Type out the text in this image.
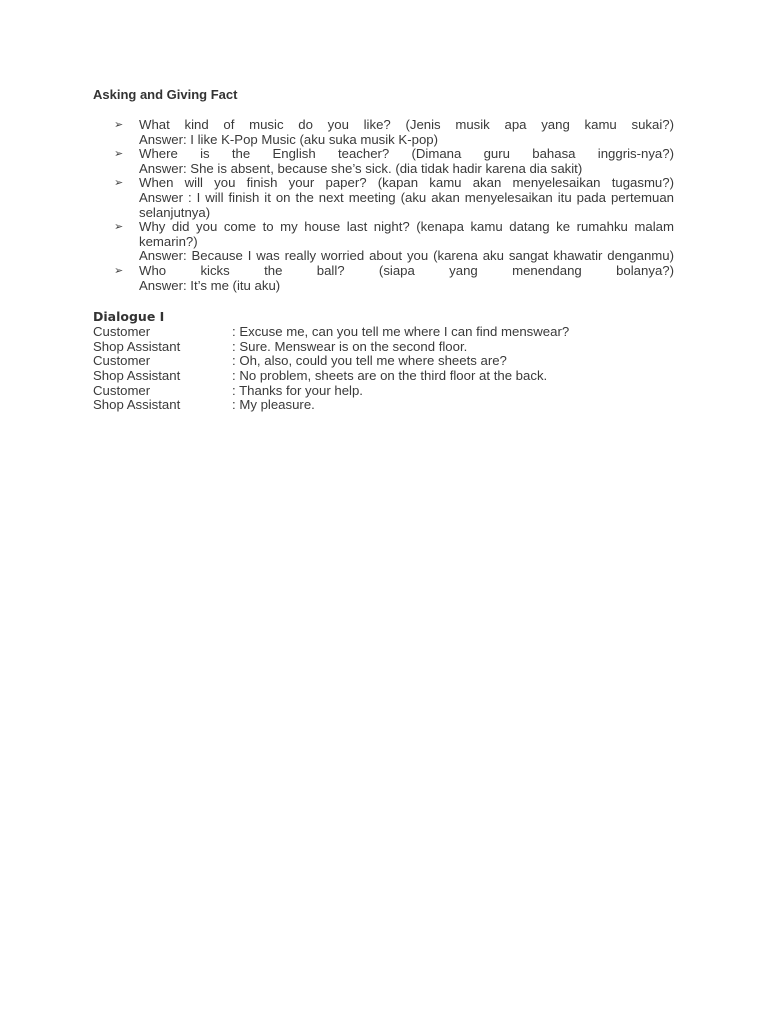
Asking and Giving Fact

➢ What kind of music do you like? (Jenis musik apa yang kamu sukai?)
Answer: I like K-Pop Music (aku suka musik K-pop)
➢ Where is the English teacher? (Dimana guru bahasa inggris-nya?)
Answer: She is absent, because she’s sick. (dia tidak hadir karena dia sakit)
➢ When will you finish your paper? (kapan kamu akan menyelesaikan tugasmu?)
Answer : I will finish it on the next meeting (aku akan menyelesaikan itu pada pertemuan selanjutnya)
➢ Why did you come to my house last night? (kenapa kamu datang ke rumahku malam kemarin?)
Answer: Because I was really worried about you (karena aku sangat khawatir denganmu)
➢ Who kicks the ball? (siapa yang menendang bolanya?)
Answer: It’s me (itu aku)

Dialogue I

Customer	: Excuse me, can you tell me where I can find menswear?
Shop Assistant	: Sure. Menswear is on the second floor.
Customer	: Oh, also, could you tell me where sheets are?
Shop Assistant	: No problem, sheets are on the third floor at the back.
Customer	: Thanks for your help.
Shop Assistant	: My pleasure.
